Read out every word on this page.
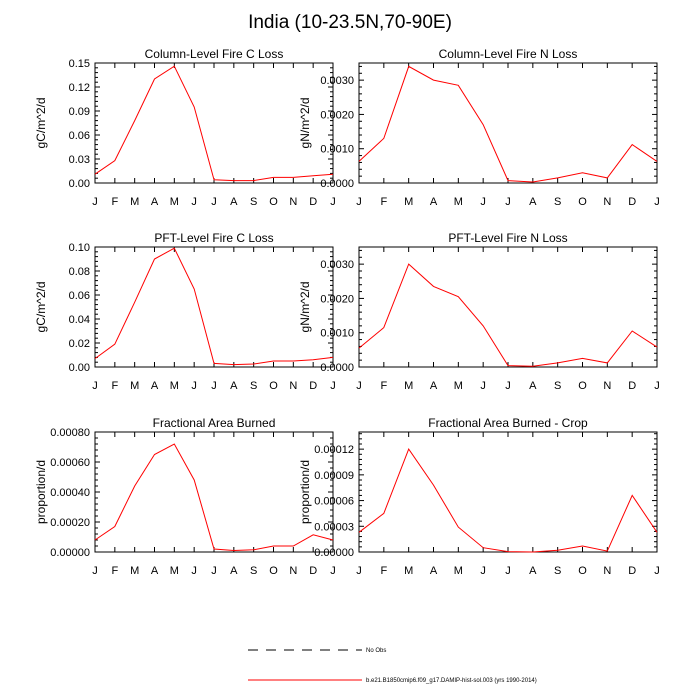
India (10-23.5N,70-90E)
Column-Level Fire C Loss
gC/m^2/d
J F M A M J J A S O N D J
0.00
0.03
0.06
0.09
0.12
0.15
Column-Level Fire N Loss
gN/m^2/d
J F M A M J J A S O N D J
0.0000
0.0010
0.0020
0.0030
PFT-Level Fire C Loss
gC/m^2/d
J F M A M J J A S O N D J
0.00
0.02
0.04
0.06
0.08
0.10
PFT-Level Fire N Loss
gN/m^2/d
J F M A M J J A S O N D J
0.0000
0.0010
0.0020
0.0030
Fractional Area Burned
proportion/d
J F M A M J J A S O N D J
0.00000
0.00020
0.00040
0.00060
0.00080
Fractional Area Burned - Crop
proportion/d
J F M A M J J A S O N D J
0.00000
0.00003
0.00006
0.00009
0.00012
No Obs
b.e21.B1850cmip6.f09_g17.DAMIP-hist-sol.003 (yrs 1990-2014)
